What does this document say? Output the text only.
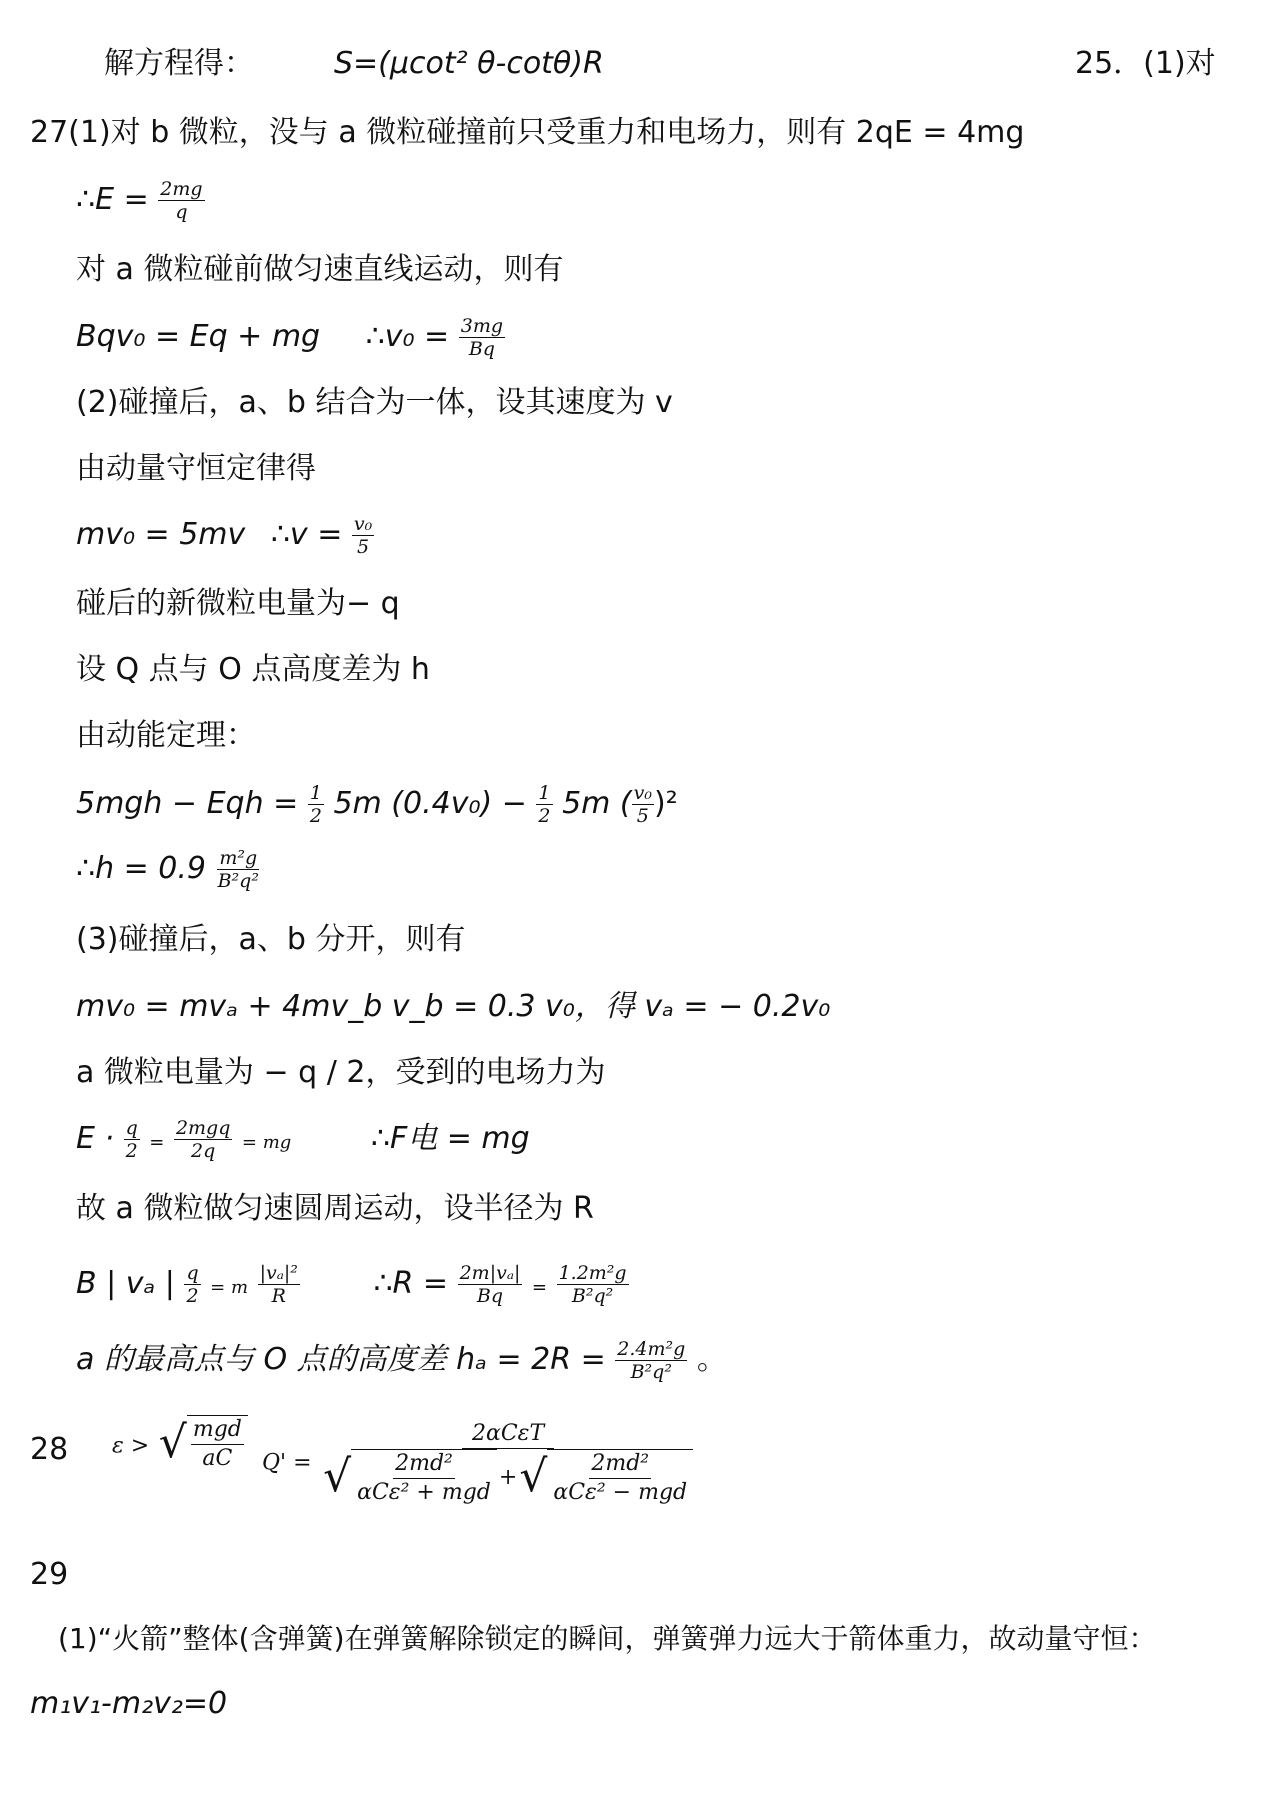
解方程得：	S=(μcot² θ-cotθ)R	25．(1)对
27(1)对 b 微粒，没与 a 微粒碰撞前只受重力和电场力，则有 2qE = 4mg
∴E = $\frac{2mg}{q}$
对 a 微粒碰前做匀速直线运动，则有
Bqv₀ = Eq + mg ∴v₀ = $\frac{3mg}{Bq}$
(2)碰撞后，a、b 结合为一体，设其速度为 v
由动量守恒定律得
mv₀ = 5mv ∴v = $\frac{\text{v₀}}{5}$
碰后的新微粒电量为− q
设 Q 点与 O 点高度差为 h
由动能定理：
5mgh − Eqh = $\frac{1}{2} 5m$ $(0.4v_0) - \frac{1}{2} 5m$ ( $\frac{\text{v₀}}{5} )^2$
∴h = $0.9 \frac{\text{m²g}}{\text{B²q²}}$
(3)碰撞后，a、b 分开，则有
mv₀ = mvₐ + 4mv_b v_b = 0.3 v₀，得 vₐ = − 0.2v₀
a 微粒电量为 − q / 2，受到的电场力为
$E \cdot \frac{q}{2} = \frac{\text{2mgq}}{2q}$ = mg	∴F电 = mg
故 a 微粒做匀速圆周运动，设半径为 R
B | vₐ | $\frac{q}{2} = m \frac{\text{|vₐ|²}}{R}$ ∴R = $\frac{\text{2m|vₐ|}}{Bq} = \frac{\text{1.2m²g}}{\text{B²q²}}$
a 的最高点与 O 点的高度差 $h_a = 2R = \frac{\text{2.4m²g}}{\text{B²q²}}$ 。
28 ε > √ $\frac{\text{mgd}}{aC} Q' = \frac{\text{2αCεT}}{√ \frac{\text{2md²}}{\text{αCε² + mgd}} + √ \frac{\text{2md²}}{\text{αCε² − mgd}}}$
29
(1)“火箭”整体(含弹簧)在弹簧解除锁定的瞬间，弹簧弹力远大于箭体重力，故动量守恒：
m₁v₁-m₂v₂=0
